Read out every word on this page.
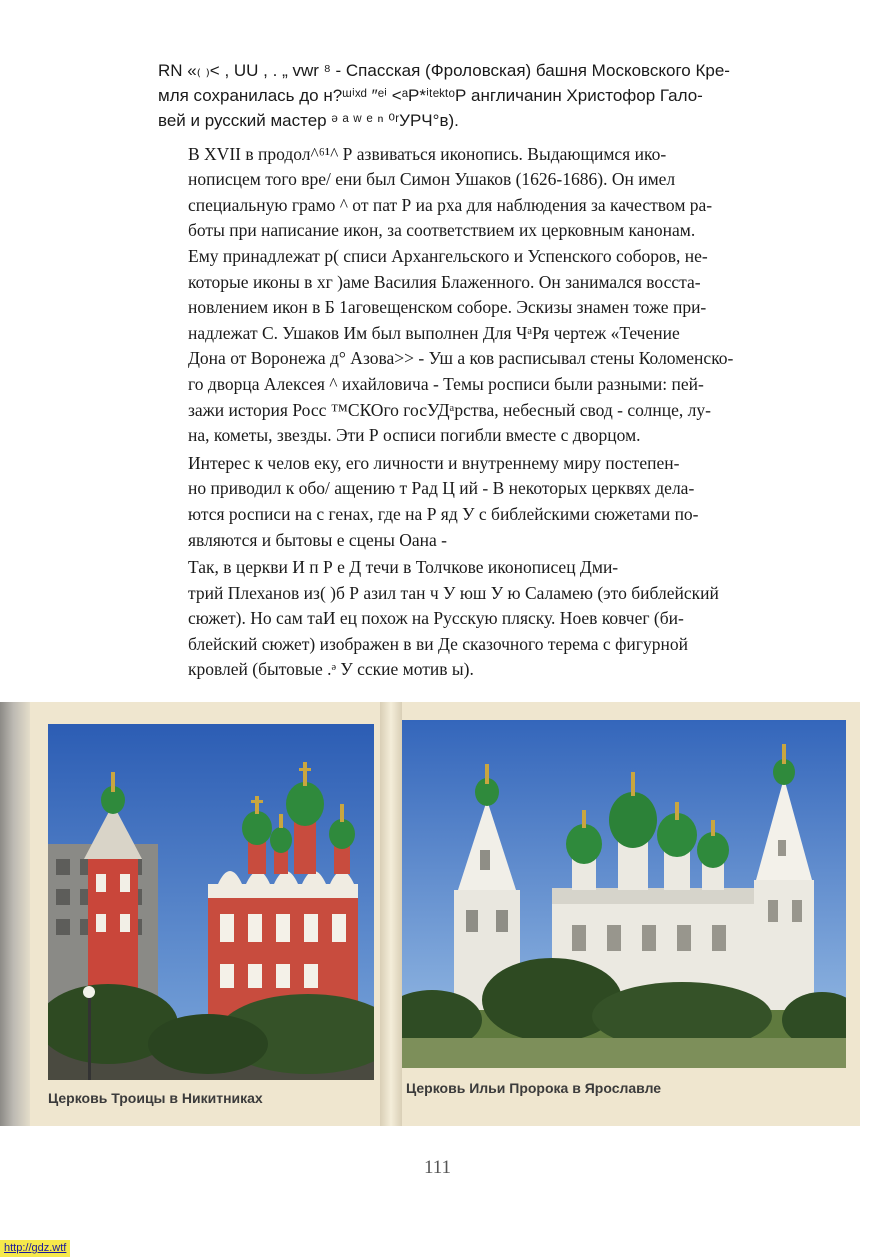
RN «₍ ₎< , UU , . „ vwr ⁸ - Спасская (Фроловская) башня Московского Кре-
мля сохранилась до н?ᵚⁱˣᵈ ″ᵉⁱ <ᵃР*ⁱᵗᵉᵏᵗᵒР англичанин Христофор Гало-
вей и русский мастер ᵊ ᵃ ʷ ᵉ ⁿ ⁰ʳУРЧ°в).

В XVII в продол^⁶¹^ Р азвиваться иконопись. Выдающимся ико-
нописцем того вре/ ени был Симон Ушаков (1626-1686). Он имел
специальную грамо ^ от пат Р иа рха для наблюдения за качеством ра-
боты при написание икон, за соответствием их церковным канонам.
Ему принадлежат р( списи Архангельского и Успенского соборов, не-
которые иконы в хг )аме Василия Блаженного. Он занимался восста-
новлением икон в Б 1аговещенском соборе. Эскизы знамен тоже при-
надлежат С. Ушаков Им был выполнен Для ЧᵃРя чертеж «Течение
Дона от Воронежа д° Азова>> - Уш а ков расписывал стены Коломенско-
го дворца Алексея ^ ихайловича - Темы росписи были разными: пей-
зажи история Росс ™СКОго госУДᵃрства, небесный свод - солнце, лу-
на, кометы, звезды. Эти Р осписи погибли вместе с дворцом.

Интерес к челов еку, его личности и внутреннему миру постепен-
но приводил к обо/ ащению т Рад Ц ий - В некоторых церквях дела-
ются росписи на с генах, где на Р яд У с библейскими сюжетами по-
являются и бытовы е сцены Оана -

Так, в церкви И п Р е Д течи в Толчкове иконописец Дми-
трий Плеханов из( )б Р азил тан ч У юш У ю Саламею (это библейский
сюжет). Но сам таИ ец похож на Русскую пляску. Ноев ковчег (би-
блейский сюжет) изображен в ви Де сказочного терема с фигурной
кровлей (бытовые .ᵊ У сские мотив ы).

Церковь Троицы в Никитниках
Церковь Ильи Пророка в Ярославле
111
http://gdz.wtf
